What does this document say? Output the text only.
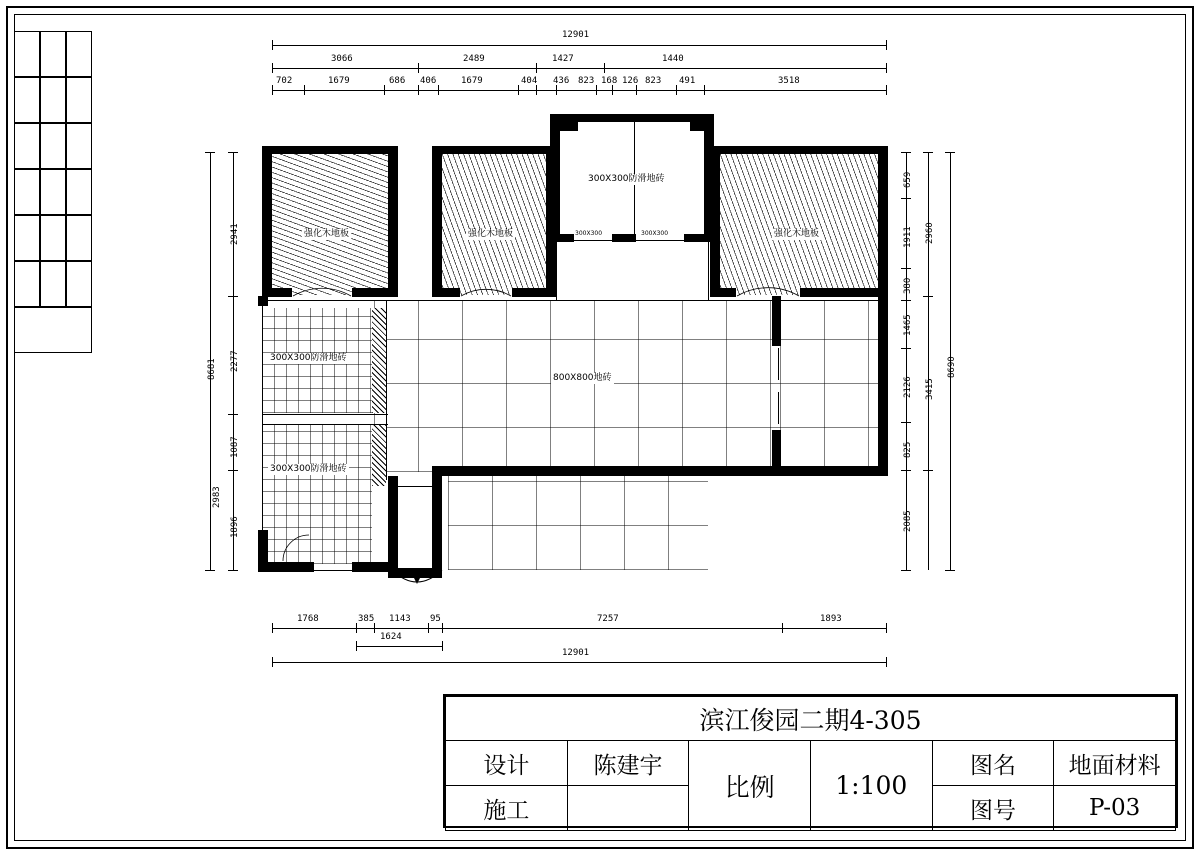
强化木地板	强化木地板	强化木地板
300X300防滑地砖
300X300防滑地砖
300X300防滑地砖
800X800地砖
300X300	300X300
12901
3066	2489	1427	1440
702	1679	686 406	1679	404 436 823 168 126 823 491	3518
8681
2941
2277
1087
1896
2983
659
1911
380
1465
2126
825
2085
2960
3415
8690
1768	385 1143 95	7257	1893
1624
12901
滨江俊园二期4-305					
设计	陈建宇	比例	1:100	图名	地面材料
施工				图号	P-03
